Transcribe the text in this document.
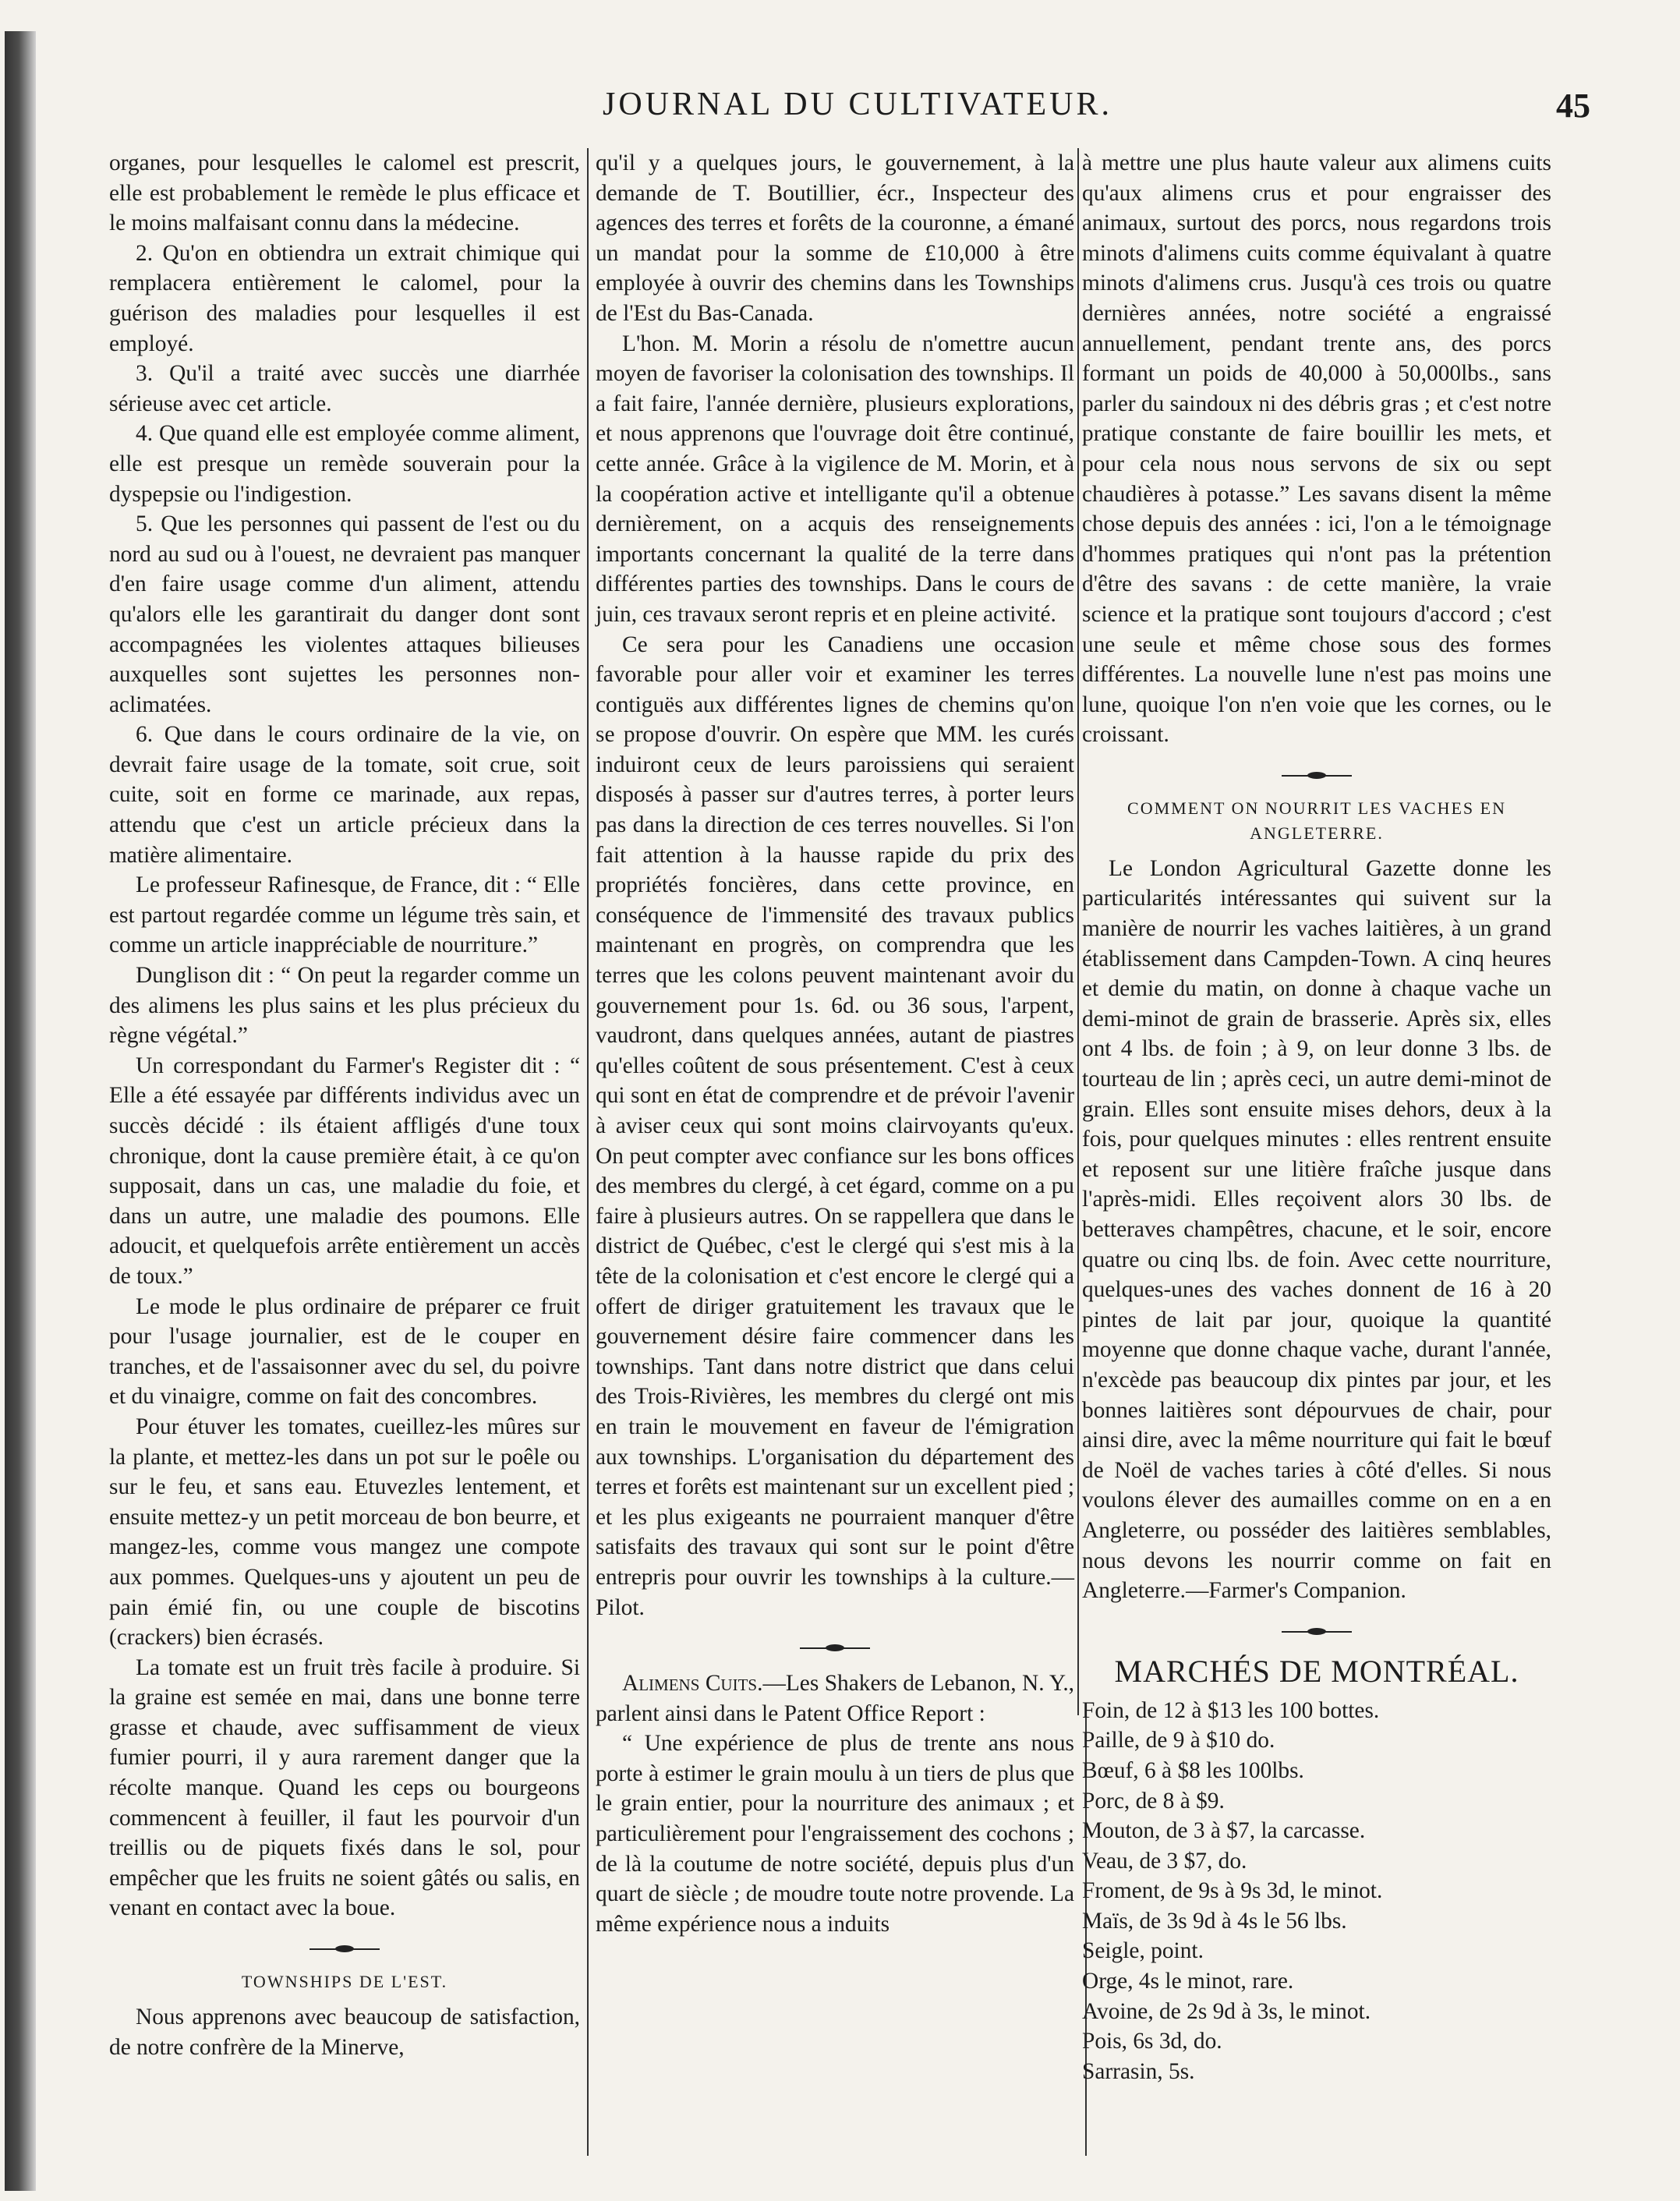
JOURNAL DU CULTIVATEUR.	45

organes, pour lesquelles le calomel est prescrit, elle est probablement le remède le plus efficace et le moins malfaisant connu dans la médecine.

2. Qu'on en obtiendra un extrait chimique qui remplacera entièrement le calomel, pour la guérison des maladies pour lesquelles il est employé.

3. Qu'il a traité avec succès une diarrhée sérieuse avec cet article.

4. Que quand elle est employée comme aliment, elle est presque un remède souverain pour la dyspepsie ou l'indigestion.

5. Que les personnes qui passent de l'est ou du nord au sud ou à l'ouest, ne devraient pas manquer d'en faire usage comme d'un aliment, attendu qu'alors elle les garantirait du danger dont sont accompagnées les violentes attaques bilieuses auxquelles sont sujettes les personnes non-aclimatées.

6. Que dans le cours ordinaire de la vie, on devrait faire usage de la tomate, soit crue, soit cuite, soit en forme ce marinade, aux repas, attendu que c'est un article précieux dans la matière alimentaire.

Le professeur Rafinesque, de France, dit : “ Elle est partout regardée comme un légume très sain, et comme un article inappréciable de nourriture.”

Dunglison dit : “ On peut la regarder comme un des alimens les plus sains et les plus précieux du règne végétal.”

Un correspondant du Farmer's Register dit : “ Elle a été essayée par différents individus avec un succès décidé : ils étaient affligés d'une toux chronique, dont la cause première était, à ce qu'on supposait, dans un cas, une maladie du foie, et dans un autre, une maladie des poumons. Elle adoucit, et quelquefois arrête entièrement un accès de toux.”

Le mode le plus ordinaire de préparer ce fruit pour l'usage journalier, est de le couper en tranches, et de l'assaisonner avec du sel, du poivre et du vinaigre, comme on fait des concombres.

Pour étuver les tomates, cueillez-les mûres sur la plante, et mettez-les dans un pot sur le poêle ou sur le feu, et sans eau. Etuvezles lentement, et ensuite mettez-y un petit morceau de bon beurre, et mangez-les, comme vous mangez une compote aux pommes. Quelques-uns y ajoutent un peu de pain émié fin, ou une couple de biscotins (crackers) bien écrasés.

La tomate est un fruit très facile à produire. Si la graine est semée en mai, dans une bonne terre grasse et chaude, avec suffisamment de vieux fumier pourri, il y aura rarement danger que la récolte manque. Quand les ceps ou bourgeons commencent à feuiller, il faut les pourvoir d'un treillis ou de piquets fixés dans le sol, pour empêcher que les fruits ne soient gâtés ou salis, en venant en contact avec la boue.

TOWNSHIPS DE L'EST.

Nous apprenons avec beaucoup de satisfaction, de notre confrère de la Minerve,

qu'il y a quelques jours, le gouvernement, à la demande de T. Boutillier, écr., Inspecteur des agences des terres et forêts de la couronne, a émané un mandat pour la somme de £10,000 à être employée à ouvrir des chemins dans les Townships de l'Est du Bas-Canada.

L'hon. M. Morin a résolu de n'omettre aucun moyen de favoriser la colonisation des townships. Il a fait faire, l'année dernière, plusieurs explorations, et nous apprenons que l'ouvrage doit être continué, cette année. Grâce à la vigilence de M. Morin, et à la coopération active et intelligante qu'il a obtenue dernièrement, on a acquis des renseignements importants concernant la qualité de la terre dans différentes parties des townships. Dans le cours de juin, ces travaux seront repris et en pleine activité.

Ce sera pour les Canadiens une occasion favorable pour aller voir et examiner les terres contiguës aux différentes lignes de chemins qu'on se propose d'ouvrir. On espère que MM. les curés induiront ceux de leurs paroissiens qui seraient disposés à passer sur d'autres terres, à porter leurs pas dans la direction de ces terres nouvelles. Si l'on fait attention à la hausse rapide du prix des propriétés foncières, dans cette province, en conséquence de l'immensité des travaux publics maintenant en progrès, on comprendra que les terres que les colons peuvent maintenant avoir du gouvernement pour 1s. 6d. ou 36 sous, l'arpent, vaudront, dans quelques années, autant de piastres qu'elles coûtent de sous présentement. C'est à ceux qui sont en état de comprendre et de prévoir l'avenir à aviser ceux qui sont moins clairvoyants qu'eux. On peut compter avec confiance sur les bons offices des membres du clergé, à cet égard, comme on a pu faire à plusieurs autres. On se rappellera que dans le district de Québec, c'est le clergé qui s'est mis à la tête de la colonisation et c'est encore le clergé qui a offert de diriger gratuitement les travaux que le gouvernement désire faire commencer dans les townships. Tant dans notre district que dans celui des Trois-Rivières, les membres du clergé ont mis en train le mouvement en faveur de l'émigration aux townships. L'organisation du département des terres et forêts est maintenant sur un excellent pied ; et les plus exigeants ne pourraient manquer d'être satisfaits des travaux qui sont sur le point d'être entrepris pour ouvrir les townships à la culture.—Pilot.

Alimens Cuits.—Les Shakers de Lebanon, N. Y., parlent ainsi dans le Patent Office Report :

“ Une expérience de plus de trente ans nous porte à estimer le grain moulu à un tiers de plus que le grain entier, pour la nourriture des animaux ; et particulièrement pour l'engraissement des cochons ; de là la coutume de notre société, depuis plus d'un quart de siècle ; de moudre toute notre provende. La même expérience nous a induits

à mettre une plus haute valeur aux alimens cuits qu'aux alimens crus et pour engraisser des animaux, surtout des porcs, nous regardons trois minots d'alimens cuits comme équivalant à quatre minots d'alimens crus. Jusqu'à ces trois ou quatre dernières années, notre société a engraissé annuellement, pendant trente ans, des porcs formant un poids de 40,000 à 50,000lbs., sans parler du saindoux ni des débris gras ; et c'est notre pratique constante de faire bouillir les mets, et pour cela nous nous servons de six ou sept chaudières à potasse.” Les savans disent la même chose depuis des années : ici, l'on a le témoignage d'hommes pratiques qui n'ont pas la prétention d'être des savans : de cette manière, la vraie science et la pratique sont toujours d'accord ; c'est une seule et même chose sous des formes différentes. La nouvelle lune n'est pas moins une lune, quoique l'on n'en voie que les cornes, ou le croissant.

COMMENT ON NOURRIT LES VACHES EN ANGLETERRE.

Le London Agricultural Gazette donne les particularités intéressantes qui suivent sur la manière de nourrir les vaches laitières, à un grand établissement dans Campden-Town. A cinq heures et demie du matin, on donne à chaque vache un demi-minot de grain de brasserie. Après six, elles ont 4 lbs. de foin ; à 9, on leur donne 3 lbs. de tourteau de lin ; après ceci, un autre demi-minot de grain. Elles sont ensuite mises dehors, deux à la fois, pour quelques minutes : elles rentrent ensuite et reposent sur une litière fraîche jusque dans l'après-midi. Elles reçoivent alors 30 lbs. de betteraves champêtres, chacune, et le soir, encore quatre ou cinq lbs. de foin. Avec cette nourriture, quelques-unes des vaches donnent de 16 à 20 pintes de lait par jour, quoique la quantité moyenne que donne chaque vache, durant l'année, n'excède pas beaucoup dix pintes par jour, et les bonnes laitières sont dépourvues de chair, pour ainsi dire, avec la même nourriture qui fait le bœuf de Noël de vaches taries à côté d'elles. Si nous voulons élever des aumailles comme on en a en Angleterre, ou posséder des laitières semblables, nous devons les nourrir comme on fait en Angleterre.—Farmer's Companion.

MARCHÉS DE MONTRÉAL.
Foin, de 12 à $13 les 100 bottes.
Paille, de 9 à $10 do.
Bœuf, 6 à $8 les 100lbs.
Porc, de 8 à $9.
Mouton, de 3 à $7, la carcasse.
Veau, de 3 $7, do.
Froment, de 9s à 9s 3d, le minot.
Maïs, de 3s 9d à 4s le 56 lbs.
Seigle, point.
Orge, 4s le minot, rare.
Avoine, de 2s 9d à 3s, le minot.
Pois, 6s 3d, do.
Sarrasin, 5s.
